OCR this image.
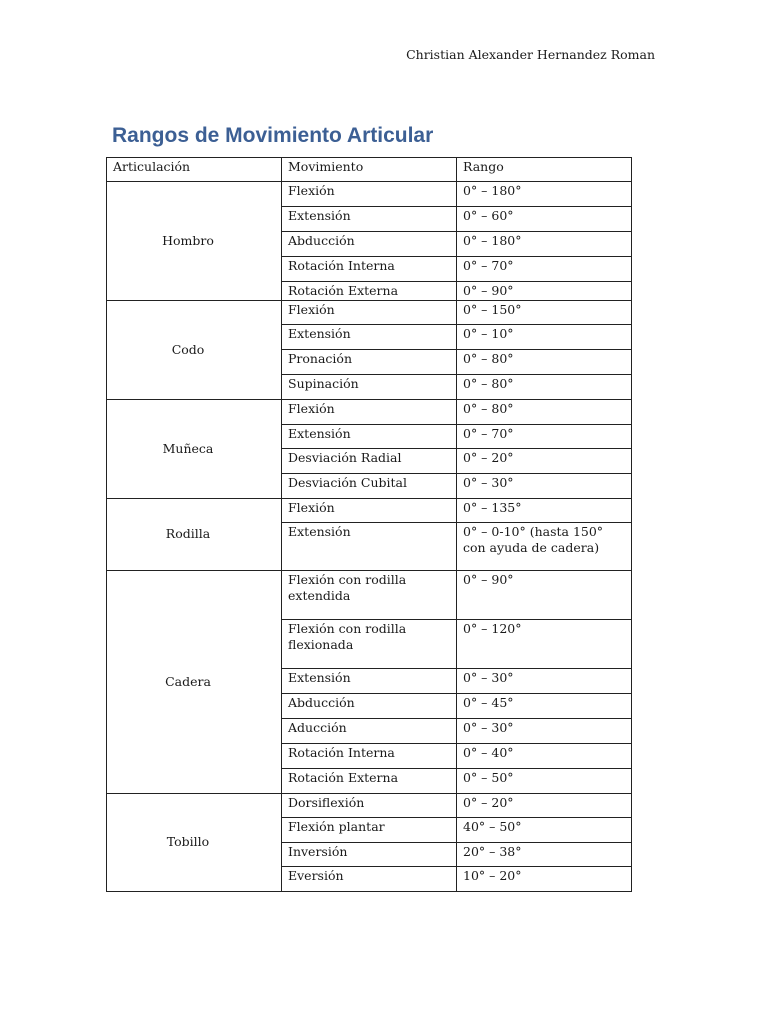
Christian Alexander Hernandez Roman
Rangos de Movimiento Articular
Articulación	Movimiento	Rango
Hombro	Flexión	0° – 180°
	Extensión	0° – 60°
	Abducción	0° – 180°
	Rotación Interna	0° – 70°
	Rotación Externa	0° – 90°
Codo	Flexión	0° – 150°
	Extensión	0° – 10°
	Pronación	0° – 80°
	Supinación	0° – 80°
Muñeca	Flexión	0° – 80°
	Extensión	0° – 70°
	Desviación Radial	0° – 20°
	Desviación Cubital	0° – 30°
Rodilla	Flexión	0° – 135°
	Extensión	0° – 0-10° (hasta 150° con ayuda de cadera)
Cadera	Flexión con rodilla extendida	0° – 90°
	Flexión con rodilla flexionada	0° – 120°
	Extensión	0° – 30°
	Abducción	0° – 45°
	Aducción	0° – 30°
	Rotación Interna	0° – 40°
	Rotación Externa	0° – 50°
Tobillo	Dorsiflexión	0° – 20°
	Flexión plantar	40° – 50°
	Inversión	20° – 38°
	Eversión	10° – 20°
